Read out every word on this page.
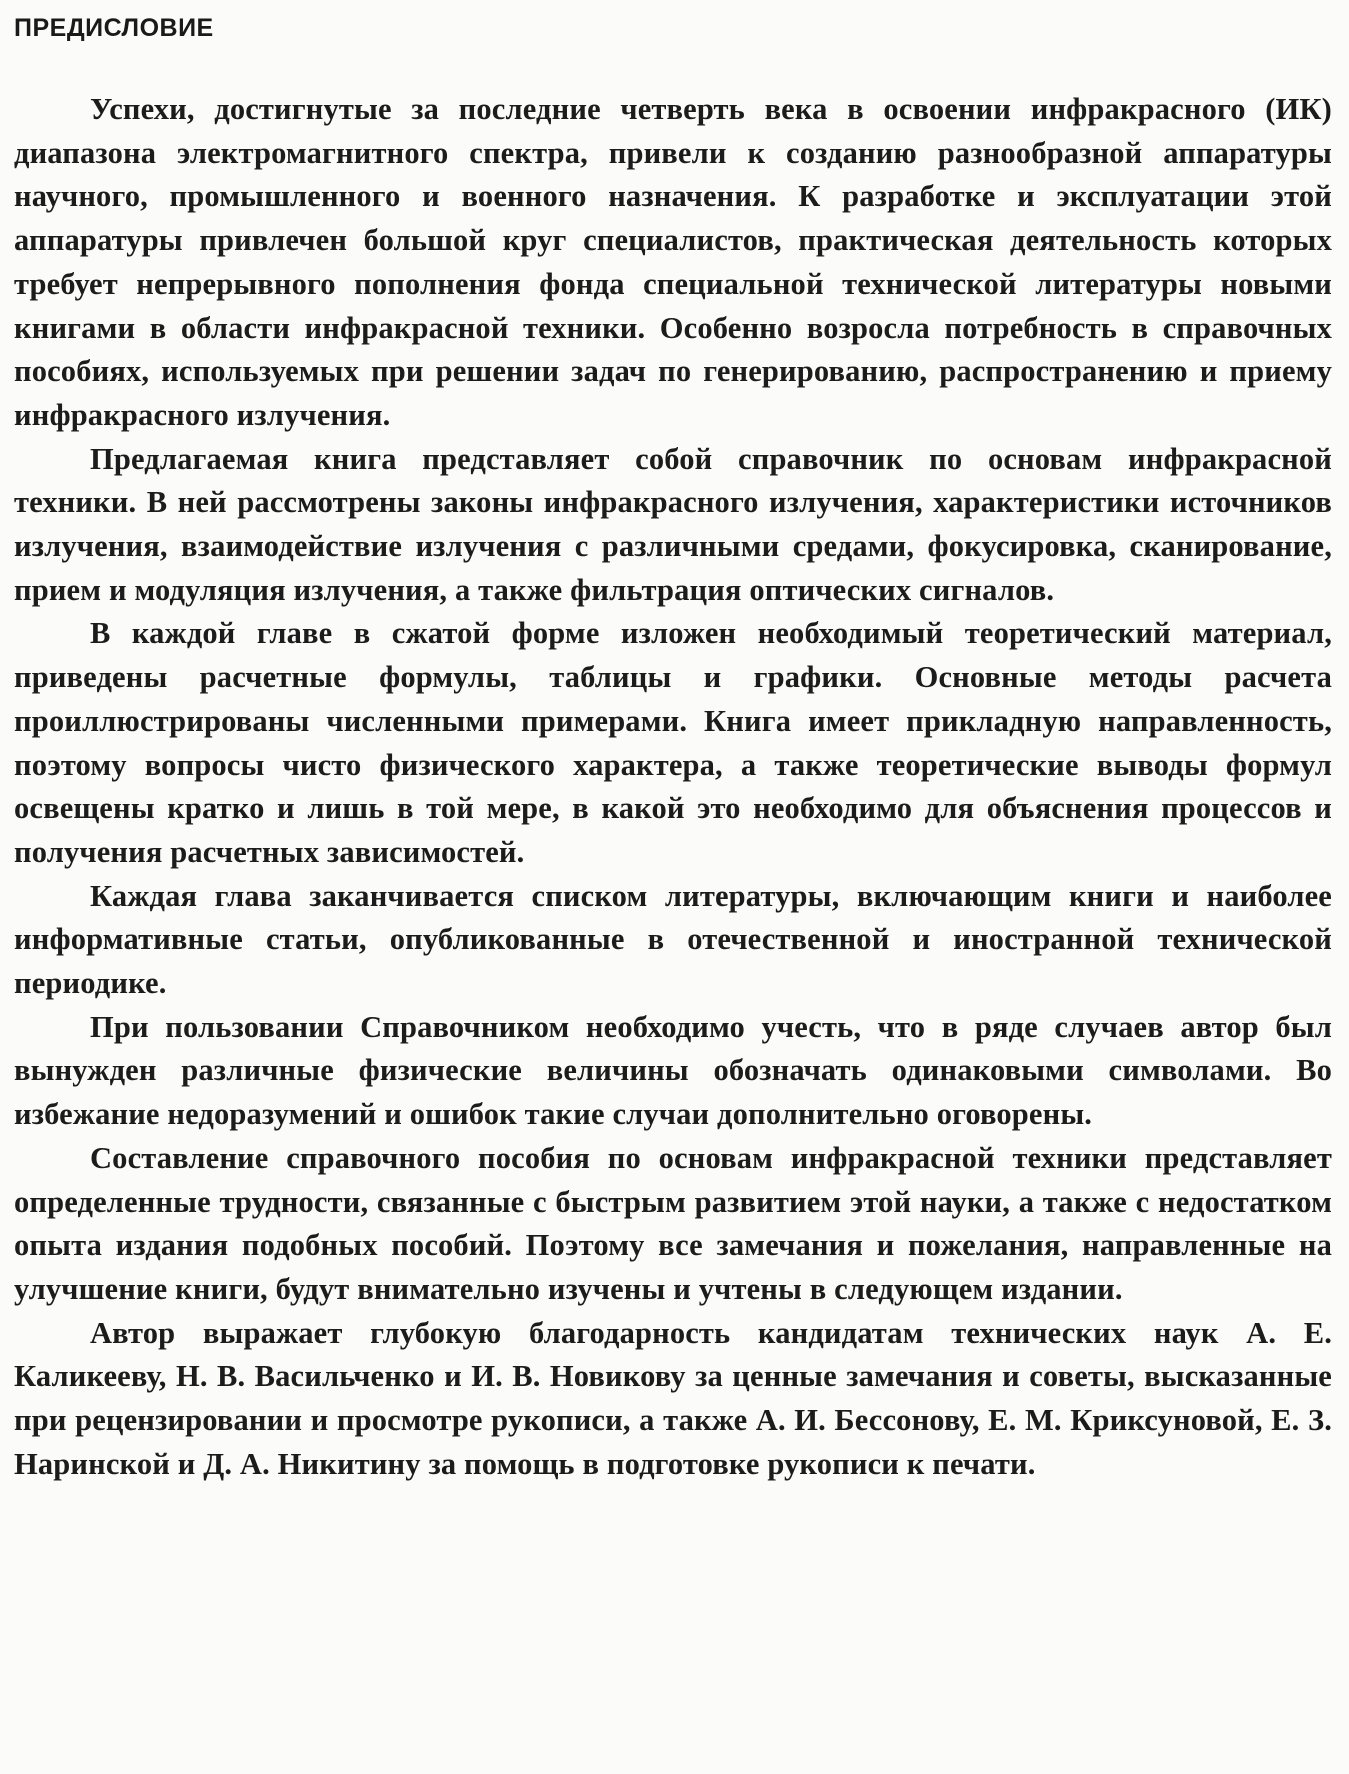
ПРЕДИСЛОВИЕ

Успехи, достигнутые за последние четверть века в освоении инфракрасного (ИК) диапазона электромагнитного спектра, привели к созданию разнообразной аппаратуры научного, промышленного и военного назначения. К разработке и эксплуатации этой аппаратуры привлечен большой круг специалистов, практическая деятельность которых требует непрерывного пополнения фонда специальной технической литературы новыми книгами в области инфракрасной техники. Особенно возросла потребность в справочных пособиях, используемых при решении задач по генерированию, распространению и приему инфракрасного излучения.

Предлагаемая книга представляет собой справочник по основам инфракрасной техники. В ней рассмотрены законы инфракрасного излучения, характеристики источников излучения, взаимодействие излучения с различными средами, фокусировка, сканирование, прием и модуляция излучения, а также фильтрация оптических сигналов.

В каждой главе в сжатой форме изложен необходимый теоретический материал, приведены расчетные формулы, таблицы и графики. Основные методы расчета проиллюстрированы численными примерами. Книга имеет прикладную направленность, поэтому вопросы чисто физического характера, а также теоретические выводы формул освещены кратко и лишь в той мере, в какой это необходимо для объяснения процессов и получения расчетных зависимостей.

Каждая глава заканчивается списком литературы, включающим книги и наиболее информативные статьи, опубликованные в отечественной и иностранной технической периодике.

При пользовании Справочником необходимо учесть, что в ряде случаев автор был вынужден различные физические величины обозначать одинаковыми символами. Во избежание недоразумений и ошибок такие случаи дополнительно оговорены.

Составление справочного пособия по основам инфракрасной техники представляет определенные трудности, связанные с быстрым развитием этой науки, а также с недостатком опыта издания подобных пособий. Поэтому все замечания и пожелания, направленные на улучшение книги, будут внимательно изучены и учтены в следующем издании.

Автор выражает глубокую благодарность кандидатам технических наук А. Е. Каликееву, Н. В. Васильченко и И. В. Новикову за ценные замечания и советы, высказанные при рецензировании и просмотре рукописи, а также А. И. Бессонову, Е. М. Криксуновой, Е. З. Наринской и Д. А. Никитину за помощь в подготовке рукописи к печати.
